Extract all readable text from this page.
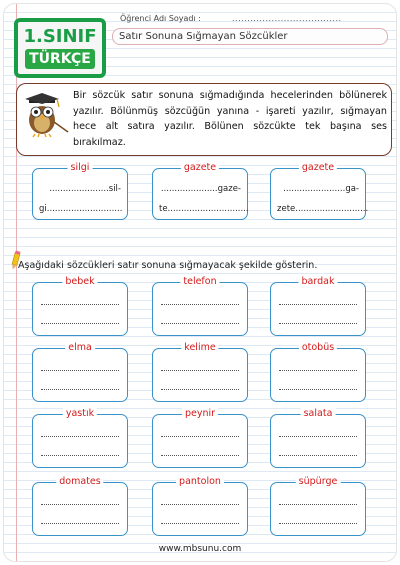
1.SINIF
TÜRKÇE
Öğrenci Adı Soyadı :	....................................
Satır Sonuna Sığmayan Sözcükler
Bir sözcük satır sonuna sığmadığında hecelerinden bölünerek yazılır. Bölünmüş sözcüğün yanına - işareti yazılır, sığmayan hece alt satıra yazılır. Bölünen sözcükte tek başına ses bırakılmaz.
silgi
......................sil-
gi............................
gazete
.....................gaze-
te..............................
gazete
.......................ga-
zete...........................
Aşağıdaki sözcükleri satır sonuna sığmayacak şekilde gösterin.
bebek	telefon	bardak
elma	kelime	otobüs
yastık	peynir	salata
domates	pantolon	süpürge
www.mbsunu.com
